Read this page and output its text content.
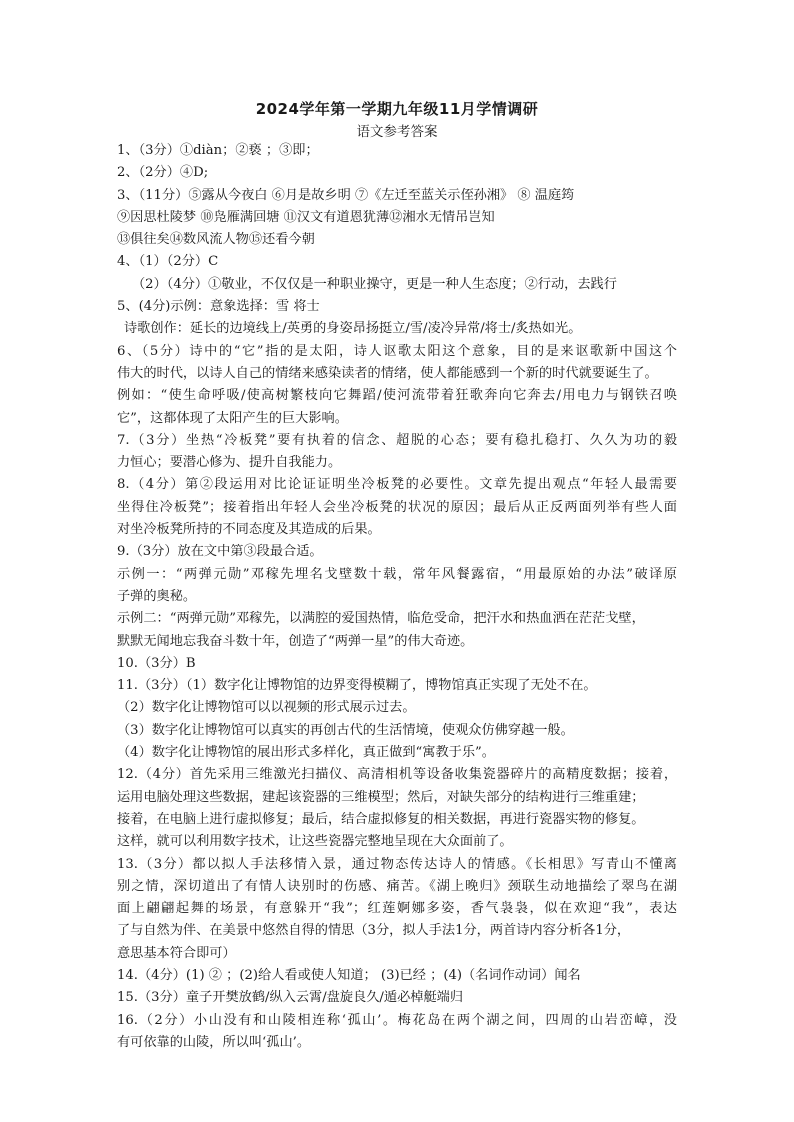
2024学年第一学期九年级11月学情调研
语文参考答案
1、（3分）①diàn；②亵 ；③即；
2、（2分）④D;
3、（11分）⑤露从今夜白 ⑥月是故乡明 ⑦《左迁至蓝关示侄孙湘》 ⑧ 温庭筠
⑨因思杜陵梦 ⑩凫雁满回塘 ⑪汉文有道恩犹薄⑫湘水无情吊岂知
⑬俱往矣⑭数风流人物⑮还看今朝
4、（1）（2分）C
（2）（4分）①敬业，不仅仅是一种职业操守，更是一种人生态度；②行动，去践行
5、(4分)示例：意象选择：雪 将士
诗歌创作：延长的边境线上/英勇的身姿昂扬挺立/雪/凌冷异常/将士/炙热如光。
6、（5分）诗中的“它”指的是太阳，诗人讴歌太阳这个意象，目的是来讴歌新中国这个
伟大的时代，以诗人自己的情绪来感染读者的情绪，使人都能感到一个新的时代就要诞生了。
例如：“使生命呼吸/使高树繁枝向它舞蹈/使河流带着狂歌奔向它奔去/用电力与钢铁召唤
它”，这都体现了太阳产生的巨大影响。
7.（3分）坐热“冷板凳”要有执着的信念、超脱的心态；要有稳扎稳打、久久为功的毅
力恒心；要潜心修为、提升自我能力。
8.（4分）第②段运用对比论证证明坐冷板凳的必要性。文章先提出观点“年轻人最需要
坐得住冷板凳”；接着指出年轻人会坐冷板凳的状况的原因；最后从正反两面列举有些人面
对坐冷板凳所持的不同态度及其造成的后果。
9.（3分）放在文中第③段最合适。
示例一：“两弹元勋”邓稼先埋名戈壁数十载，常年风餐露宿，“用最原始的办法”破译原
子弹的奥秘。
示例二：“两弹元勋”邓稼先，以满腔的爱国热情，临危受命，把汗水和热血洒在茫茫戈壁，
默默无闻地忘我奋斗数十年，创造了“两弹一星”的伟大奇迹。
10.（3分）B
11.（3分）（1）数字化让博物馆的边界变得模糊了，博物馆真正实现了无处不在。
（2）数字化让博物馆可以以视频的形式展示过去。
（3）数字化让博物馆可以真实的再创古代的生活情境，使观众仿佛穿越一般。
（4）数字化让博物馆的展出形式多样化，真正做到“寓教于乐”。
12.（4分）首先采用三维激光扫描仪、高清相机等设备收集瓷器碎片的高精度数据；接着，
运用电脑处理这些数据，建起该瓷器的三维模型；然后，对缺失部分的结构进行三维重建；
接着，在电脑上进行虚拟修复；最后，结合虚拟修复的相关数据，再进行瓷器实物的修复。
这样，就可以利用数字技术，让这些瓷器完整地呈现在大众面前了。
13.（3分）都以拟人手法移情入景，通过物态传达诗人的情感。《长相思》写青山不懂离
别之情，深切道出了有情人诀别时的伤感、痛苦。《湖上晚归》颈联生动地描绘了翠鸟在湖
面上翩翩起舞的场景，有意躲开“我”；红莲婀娜多姿，香气袅袅，似在欢迎“我”，表达
了与自然为伴、在美景中悠然自得的情思（3分，拟人手法1分，两首诗内容分析各1分，
意思基本符合即可）
14.（4分）(1) ② ；(2)给人看或使人知道； (3)已经 ；(4)（名词作动词）闻名
15.（3分）童子开樊放鹤/纵入云霄/盘旋良久/遁必棹艇端归
16.（2分）小山没有和山陵相连称‘孤山’。梅花岛在两个湖之间，四周的山岩峦嶂，没
有可依靠的山陵，所以叫‘孤山’。
